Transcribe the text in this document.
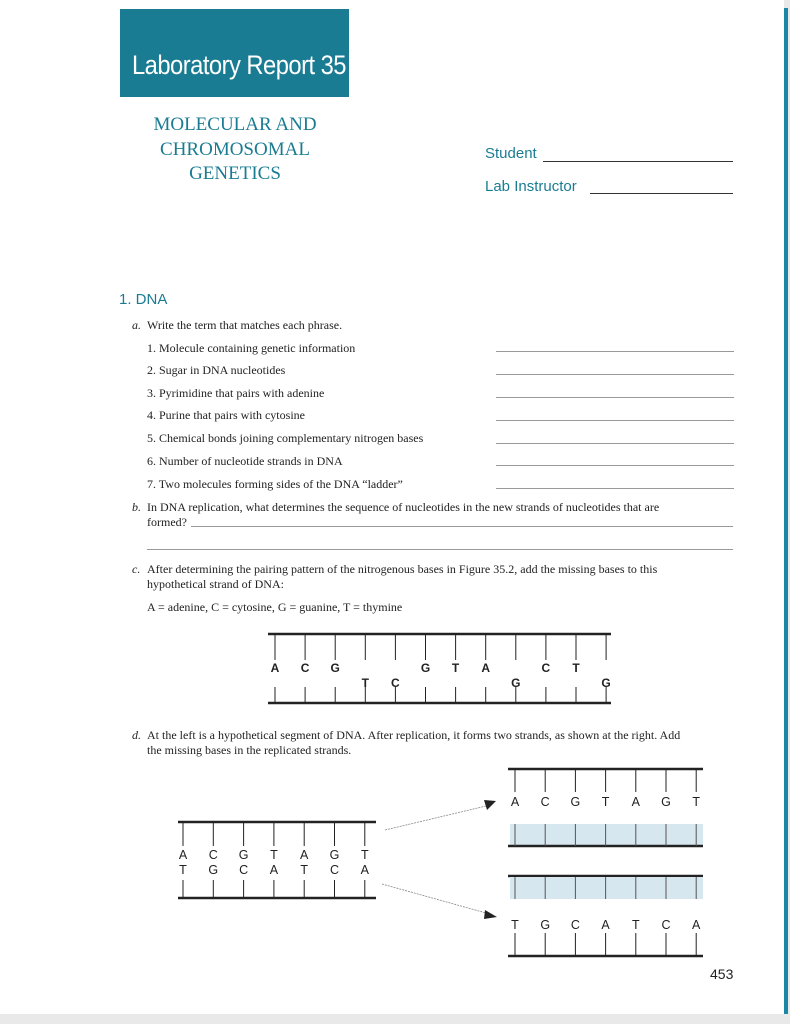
Laboratory Report 35
MOLECULAR AND
CHROMOSOMAL
GENETICS
Student
Lab Instructor
1. DNA
a. Write the term that matches each phrase.
1. Molecule containing genetic information
2. Sugar in DNA nucleotides
3. Pyrimidine that pairs with adenine
4. Purine that pairs with cytosine
5. Chemical bonds joining complementary nitrogen bases
6. Number of nucleotide strands in DNA
7. Two molecules forming sides of the DNA “ladder”
b. In DNA replication, what determines the sequence of nucleotides in the new strands of nucleotides that are
formed?
c. After determining the pairing pattern of the nitrogenous bases in Figure 35.2, add the missing bases to this
hypothetical strand of DNA:
A = adenine, C = cytosine, G = guanine, T = thymine
A C G
T C
G T A
G
C T
G
d. At the left is a hypothetical segment of DNA. After replication, it forms two strands, as shown at the right. Add
the missing bases in the replicated strands.
A
T
C
G
G
C
T
A
A
T
G
C
T
A
A
T
C
G
G
C
T
A
A
T
G
C
T
A
453
